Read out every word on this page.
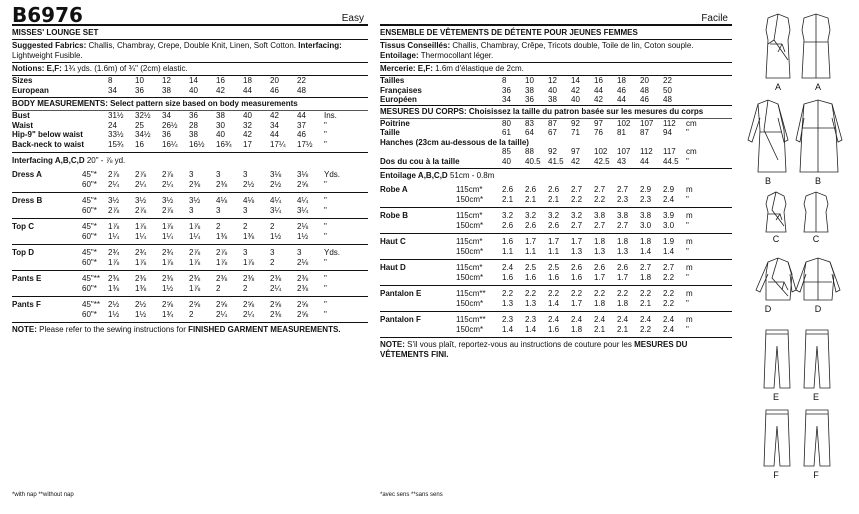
B6976	Easy
MISSES' LOUNGE SET
Suggested Fabrics: Challis, Chambray, Crepe, Double Knit, Linen, Soft Cotton. Interfacing: Lightweight Fusible.
Notions: E,F: 1¾ yds. (1.6m) of ¾" (2cm) elastic.
Sizes	8	10	12	14	16	18	20	22	
European	34	36	38	40	42	44	46	48	
BODY MEASUREMENTS: Select pattern size based on body measurements
Bust	31½	32½	34	36	38	40	42	44	Ins.
Waist	24	25	26½	28	30	32	34	37	"
Hip-9" below waist	33½	34½	36	38	40	42	44	46	"
Back-neck to waist	15¾	16	16¼	16½	16¾	17	17¼	17½	"
Interfacing A,B,C,D 20" - ⅞ yd.
Dress A	45"*	2⅞	2⅞	2⅞	3	3	3	3⅛	3⅛	Yds.
	60"*	2¼	2¼	2¼	2⅜	2⅜	2½	2½	2⅝	"
Dress B	45"*	3½	3½	3½	3½	4⅛	4⅛	4¼	4¼	"
	60"*	2⅞	2⅞	2⅞	3	3	3	3¼	3¼	"
Top C	45"*	1⅞	1⅞	1⅞	1⅞	2	2	2	2⅛	"
	60"*	1¼	1¼	1¼	1¼	1⅜	1⅜	1½	1½	"
Top D	45"*	2¾	2¾	2¾	2⅞	2⅞	3	3	3	Yds.
	60"*	1⅞	1⅞	1⅞	1⅞	1⅞	1⅞	2	2⅛	"
Pants E	45"**	2⅜	2⅜	2⅜	2⅜	2⅜	2⅜	2⅜	2⅜	"
	60"*	1⅜	1⅜	1½	1⅞	2	2	2¼	2⅜	"
Pants F	45"**	2½	2½	2⅝	2⅝	2⅝	2⅝	2⅝	2⅝	"
	60"*	1½	1½	1¾	2	2¼	2¼	2⅜	2⅝	"
NOTE: Please refer to the sewing instructions for FINISHED GARMENT MEASUREMENTS.
*with nap **without nap
Facile
ENSEMBLE DE VÊTEMENTS DE DÉTENTE POUR JEUNES FEMMES
Tissus Conseillés: Challis, Chambray, Crêpe, Tricots double, Toile de lin, Coton souple. Entoilage: Thermocollant léger.
Mercerie: E,F: 1.6m d'élastique de 2cm.
Tailles	8	10	12	14	16	18	20	22	
Françaises	36	38	40	42	44	46	48	50	
Européen	34	36	38	40	42	44	46	48	
MESURES DU CORPS: Choisissez la taille du patron basée sur les mesures du corps
Poitrine	80	83	87	92	97	102	107	112	cm
Taille	61	64	67	71	76	81	87	94	"
Hanches (23cm au-dessous de la taille)									
	85	88	92	97	102	107	112	117	cm
Dos du cou à la taille	40	40.5	41.5	42	42.5	43	44	44.5	"
Entoilage A,B,C,D 51cm - 0.8m
Robe A	115cm*	2.6	2.6	2.6	2.7	2.7	2.7	2.9	2.9	m
	150cm*	2.1	2.1	2.1	2.2	2.2	2.3	2.3	2.4	"
Robe B	115cm*	3.2	3.2	3.2	3.2	3.8	3.8	3.8	3.9	m
	150cm*	2.6	2.6	2.6	2.7	2.7	2.7	3.0	3.0	"
Haut C	115cm*	1.6	1.7	1.7	1.7	1.8	1.8	1.8	1.9	m
	150cm*	1.1	1.1	1.1	1.3	1.3	1.3	1.4	1.4	"
Haut D	115cm*	2.4	2.5	2.5	2.6	2.6	2.6	2.7	2.7	m
	150cm*	1.6	1.6	1.6	1.6	1.7	1.7	1.8	2.2	"
Pantalon E	115cm**	2.2	2.2	2.2	2.2	2.2	2.2	2.2	2.2	m
	150cm*	1.3	1.3	1.4	1.7	1.8	1.8	2.1	2.2	"
Pantalon F	115cm**	2.3	2.3	2.4	2.4	2.4	2.4	2.4	2.4	m
	150cm*	1.4	1.4	1.6	1.8	2.1	2.1	2.2	2.4	"
NOTE: S'il vous plaît, reportez-vous au instructions de couture pour les MESURES DU VÊTEMENTS FINI.
*avec sens **sans sens
A	A
B	B
C	C
D	D
E	E
F	F
